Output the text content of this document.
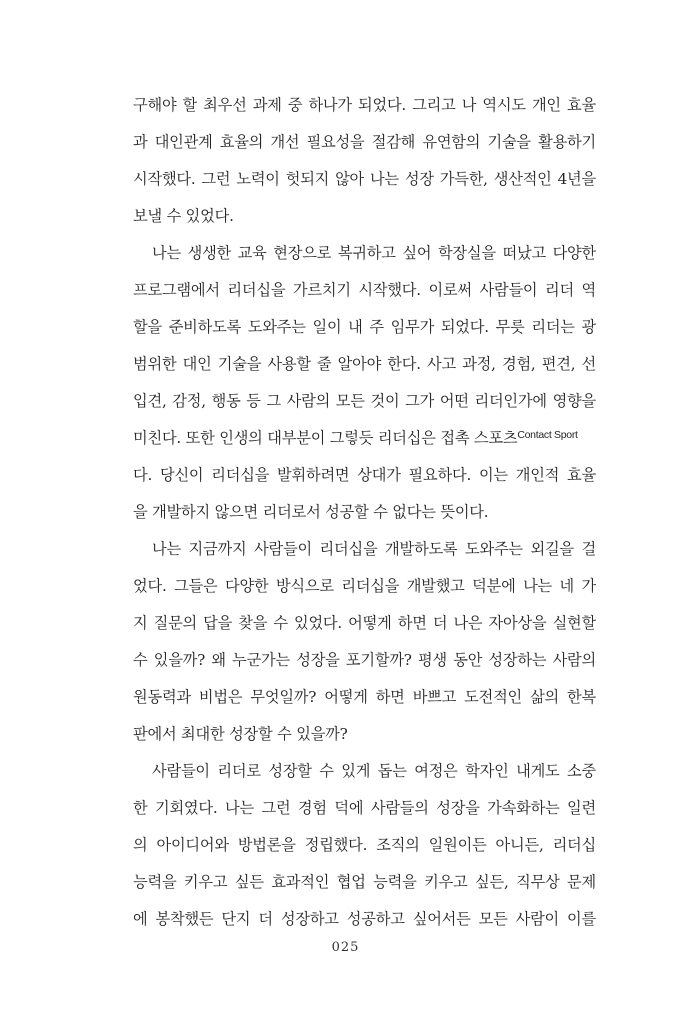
구해야 할 최우선 과제 중 하나가 되었다. 그리고 나 역시도 개인 효율
과 대인관계 효율의 개선 필요성을 절감해 유연함의 기술을 활용하기
시작했다. 그런 노력이 헛되지 않아 나는 성장 가득한, 생산적인 4년을
보낼 수 있었다.
나는 생생한 교육 현장으로 복귀하고 싶어 학장실을 떠났고 다양한
프로그램에서 리더십을 가르치기 시작했다. 이로써 사람들이 리더 역
할을 준비하도록 도와주는 일이 내 주 임무가 되었다. 무릇 리더는 광
범위한 대인 기술을 사용할 줄 알아야 한다. 사고 과정, 경험, 편견, 선
입견, 감정, 행동 등 그 사람의 모든 것이 그가 어떤 리더인가에 영향을
미친다. 또한 인생의 대부분이 그렇듯 리더십은 접촉 스포츠$^{Contact Sport}$
다. 당신이 리더십을 발휘하려면 상대가 필요하다. 이는 개인적 효율
을 개발하지 않으면 리더로서 성공할 수 없다는 뜻이다.
나는 지금까지 사람들이 리더십을 개발하도록 도와주는 외길을 걸
었다. 그들은 다양한 방식으로 리더십을 개발했고 덕분에 나는 네 가
지 질문의 답을 찾을 수 있었다. 어떻게 하면 더 나은 자아상을 실현할
수 있을까? 왜 누군가는 성장을 포기할까? 평생 동안 성장하는 사람의
원동력과 비법은 무엇일까? 어떻게 하면 바쁘고 도전적인 삶의 한복
판에서 최대한 성장할 수 있을까?
사람들이 리더로 성장할 수 있게 돕는 여정은 학자인 내게도 소중
한 기회였다. 나는 그런 경험 덕에 사람들의 성장을 가속화하는 일련
의 아이디어와 방법론을 정립했다. 조직의 일원이든 아니든, 리더십
능력을 키우고 싶든 효과적인 협업 능력을 키우고 싶든, 직무상 문제
에 봉착했든 단지 더 성장하고 성공하고 싶어서든 모든 사람이 이를
025
